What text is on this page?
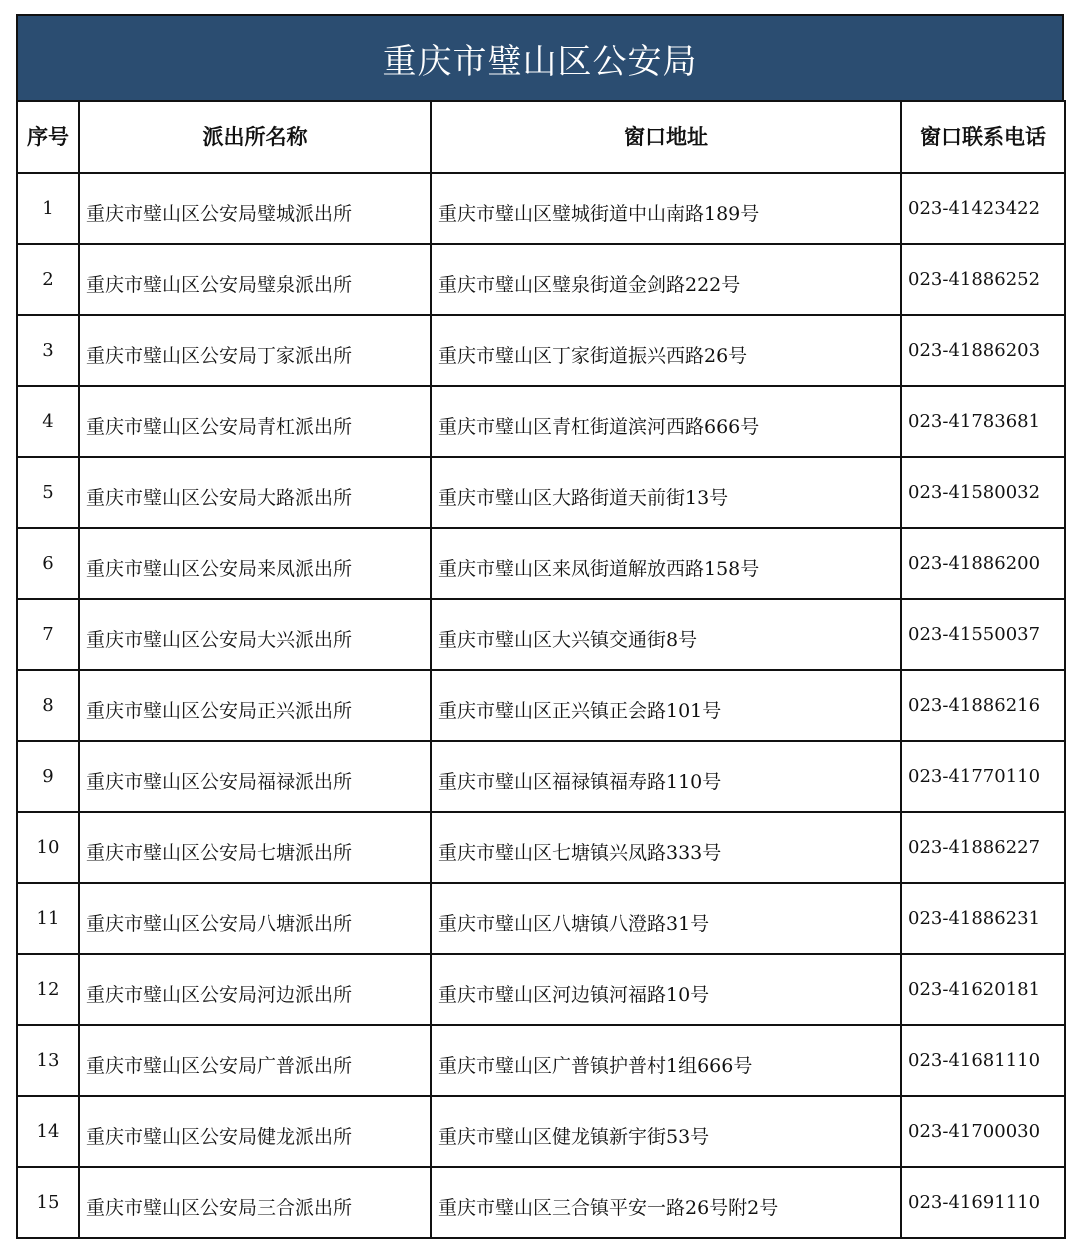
重庆市璧山区公安局
序号	派出所名称	窗口地址	窗口联系电话
1	重庆市璧山区公安局璧城派出所	重庆市璧山区璧城街道中山南路189号	023-41423422
2	重庆市璧山区公安局璧泉派出所	重庆市璧山区璧泉街道金剑路222号	023-41886252
3	重庆市璧山区公安局丁家派出所	重庆市璧山区丁家街道振兴西路26号	023-41886203
4	重庆市璧山区公安局青杠派出所	重庆市璧山区青杠街道滨河西路666号	023-41783681
5	重庆市璧山区公安局大路派出所	重庆市璧山区大路街道天前街13号	023-41580032
6	重庆市璧山区公安局来凤派出所	重庆市璧山区来凤街道解放西路158号	023-41886200
7	重庆市璧山区公安局大兴派出所	重庆市璧山区大兴镇交通街8号	023-41550037
8	重庆市璧山区公安局正兴派出所	重庆市璧山区正兴镇正会路101号	023-41886216
9	重庆市璧山区公安局福禄派出所	重庆市璧山区福禄镇福寿路110号	023-41770110
10	重庆市璧山区公安局七塘派出所	重庆市璧山区七塘镇兴凤路333号	023-41886227
11	重庆市璧山区公安局八塘派出所	重庆市璧山区八塘镇八澄路31号	023-41886231
12	重庆市璧山区公安局河边派出所	重庆市璧山区河边镇河福路10号	023-41620181
13	重庆市璧山区公安局广普派出所	重庆市璧山区广普镇护普村1组666号	023-41681110
14	重庆市璧山区公安局健龙派出所	重庆市璧山区健龙镇新宇街53号	023-41700030
15	重庆市璧山区公安局三合派出所	重庆市璧山区三合镇平安一路26号附2号	023-41691110
